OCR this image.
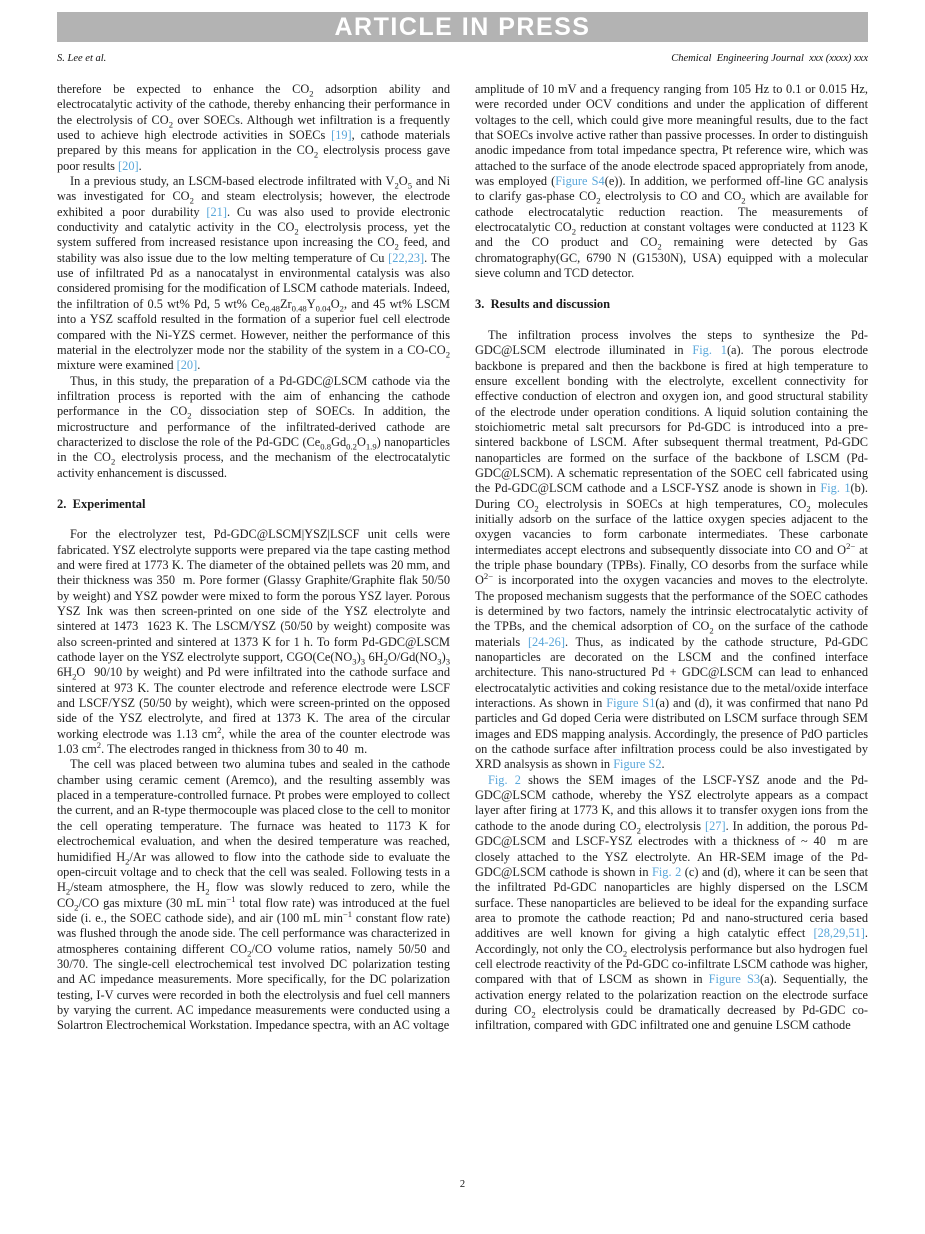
ARTICLE IN PRESS
S. Lee et al.	Chemical Engineering Journal xxx (xxxx) xxx

therefore be expected to enhance the $CO_2$ adsorption ability and electrocatalytic activity of the cathode, thereby enhancing their performance in the electrolysis of $CO_2$ over SOECs. Although wet infiltration is a frequently used to achieve high electrode activities in SOECs [19], cathode materials prepared by this means for application in the $CO_2$ electrolysis process gave poor results [20].

In a previous study, an LSCM-based electrode infiltrated with $V_2O_5$ and Ni was investigated for $CO_2$ and steam electrolysis; however, the electrode exhibited a poor durability [21]. Cu was also used to provide electronic conductivity and catalytic activity in the $CO_2$ electrolysis process, yet the system suffered from increased resistance upon increasing the $CO_2$ feed, and stability was also issue due to the low melting temperature of Cu [22,23]. The use of infiltrated Pd as a nanocatalyst in environmental catalysis was also considered promising for the modification of LSCM cathode materials. Indeed, the infiltration of 0.5 wt% Pd, 5 wt% $Ce_{0.48}Zr_{0.48}Y_{0.04}O_2$, and 45 wt% LSCM into a YSZ scaffold resulted in the formation of a superior fuel cell electrode compared with the Ni-YZS cermet. However, neither the performance of this material in the electrolyzer mode nor the stability of the system in a $CO-CO_2$ mixture were examined [20].

Thus, in this study, the preparation of a Pd-GDC@LSCM cathode via the infiltration process is reported with the aim of enhancing the cathode performance in the $CO_2$ dissociation step of SOECs. In addition, the microstructure and performance of the infiltrated-derived cathode are characterized to disclose the role of the Pd-GDC $(Ce_{0.8}Gd_{0.2}O_{1.9})$ nanoparticles in the $CO_2$ electrolysis process, and the mechanism of the electrocatalytic activity enhancement is discussed.

2. Experimental

For the electrolyzer test, Pd-GDC@LSCM|YSZ|LSCF unit cells were fabricated. YSZ electrolyte supports were prepared via the tape casting method and were fired at 1773 K. The diameter of the obtained pellets was 20 mm, and their thickness was 350  m. Pore former (Glassy Graphite/Graphite flak 50/50 by weight) and YSZ powder were mixed to form the porous YSZ layer. Porous YSZ Ink was then screen-printed on one side of the YSZ electrolyte and sintered at 1473  1623 K. The LSCM/YSZ (50/50 by weight) composite was also screen-printed and sintered at 1373 K for 1 h. To form Pd-GDC@LSCM cathode layer on the YSZ electrolyte support, $CGO(Ce(NO_3)_3$ $6H_2O/Gd(NO_3)_3$ $6H_2O$  90/10 by weight) and Pd were infiltrated into the cathode surface and sintered at 973 K. The counter electrode and reference electrode were LSCF and LSCF/YSZ (50/50 by weight), which were screen-printed on the opposed side of the YSZ electrolyte, and fired at 1373 K. The area of the circular working electrode was 1.13 $cm^2$, while the area of the counter electrode was 1.03 $cm^2$. The electrodes ranged in thickness from 30 to 40  m.

The cell was placed between two alumina tubes and sealed in the cathode chamber using ceramic cement (Aremco), and the resulting assembly was placed in a temperature-controlled furnace. Pt probes were employed to collect the current, and an R-type thermocouple was placed close to the cell to monitor the cell operating temperature. The furnace was heated to 1173 K for electrochemical evaluation, and when the desired temperature was reached, humidified $H_2/Ar$ was allowed to flow into the cathode side to evaluate the open-circuit voltage and to check that the cell was sealed. Following tests in a $H_2$/steam atmosphere, the $H_2$ flow was slowly reduced to zero, while the $CO_2/CO$ gas mixture (30 mL $\min^{-1}$ total flow rate) was introduced at the fuel side (i. e., the SOEC cathode side), and air (100 mL $\min^{-1}$ constant flow rate) was flushed through the anode side. The cell performance was characterized in atmospheres containing different $CO_2/CO$ volume ratios, namely 50/50 and 30/70. The single-cell electrochemical test involved DC polarization testing and AC impedance measurements. More specifically, for the DC polarization testing, I-V curves were recorded in both the electrolysis and fuel cell manners by varying the current. AC impedance measurements were conducted using a Solartron Electrochemical Workstation. Impedance spectra, with an AC voltage

amplitude of 10 mV and a frequency ranging from 105 Hz to 0.1 or 0.015 Hz, were recorded under OCV conditions and under the application of different voltages to the cell, which could give more meaningful results, due to the fact that SOECs involve active rather than passive processes. In order to distinguish anodic impedance from total impedance spectra, Pt reference wire, which was attached to the surface of the anode electrode spaced appropriately from anode, was employed (Figure S4(e)). In addition, we performed off-line GC analysis to clarify gas-phase $CO_2$ electrolysis to CO and $CO_2$ which are available for cathode electrocatalytic reduction reaction. The measurements of electrocatalytic $CO_2$ reduction at constant voltages were conducted at 1123 K and the CO product and $CO_2$ remaining were detected by Gas chromatography(GC, 6790 N (G1530N), USA) equipped with a molecular sieve column and TCD detector.

3. Results and discussion

The infiltration process involves the steps to synthesize the Pd-GDC@LSCM electrode illuminated in Fig. 1(a). The porous electrode backbone is prepared and then the backbone is fired at high temperature to ensure excellent bonding with the electrolyte, excellent connectivity for effective conduction of electron and oxygen ion, and good structural stability of the electrode under operation conditions. A liquid solution containing the stoichiometric metal salt precursors for Pd-GDC is introduced into a pre-sintered backbone of LSCM. After subsequent thermal treatment, Pd-GDC nanoparticles are formed on the surface of the backbone of LSCM (Pd-GDC@LSCM). A schematic representation of the SOEC cell fabricated using the Pd-GDC@LSCM cathode and a LSCF-YSZ anode is shown in Fig. 1(b). During $CO_2$ electrolysis in SOECs at high temperatures, $CO_2$ molecules initially adsorb on the surface of the lattice oxygen species adjacent to the oxygen vacancies to form carbonate intermediates. These carbonate intermediates accept electrons and subsequently dissociate into CO and $O^{2-}$ at the triple phase boundary (TPBs). Finally, CO desorbs from the surface while $O^{2-}$ is incorporated into the oxygen vacancies and moves to the electrolyte. The proposed mechanism suggests that the performance of the SOEC cathodes is determined by two factors, namely the intrinsic electrocatalytic activity of the TPBs, and the chemical adsorption of $CO_2$ on the surface of the cathode materials [24-26]. Thus, as indicated by the cathode structure, Pd-GDC nanoparticles are decorated on the LSCM and the confined interface architecture. This nano-structured Pd + GDC@LSCM can lead to enhanced electrocatalytic activities and coking resistance due to the metal/oxide interface interactions. As shown in Figure S1(a) and (d), it was confirmed that nano Pd particles and Gd doped Ceria were distributed on LSCM surface through SEM images and EDS mapping analysis. Accordingly, the presence of PdO particles on the cathode surface after infiltration process could be also investigated by XRD analsysis as shown in Figure S2.

Fig. 2 shows the SEM images of the LSCF-YSZ anode and the Pd-GDC@LSCM cathode, whereby the YSZ electrolyte appears as a compact layer after firing at 1773 K, and this allows it to transfer oxygen ions from the cathode to the anode during $CO_2$ electrolysis [27]. In addition, the porous Pd-GDC@LSCM and LSCF-YSZ electrodes with a thickness of ~ 40  m are closely attached to the YSZ electrolyte. An HR-SEM image of the Pd-GDC@LSCM cathode is shown in Fig. 2 (c) and (d), where it can be seen that the infiltrated Pd-GDC nanoparticles are highly dispersed on the LSCM surface. These nanoparticles are believed to be ideal for the expanding surface area to promote the cathode reaction; Pd and nano-structured ceria based additives are well known for giving a high catalytic effect [28,29,51]. Accordingly, not only the $CO_2$ electrolysis performance but also hydrogen fuel cell electrode reactivity of the Pd-GDC co-infiltrate LSCM cathode was higher, compared with that of LSCM as shown in Figure S3(a). Sequentially, the activation energy related to the polarization reaction on the electrode surface during $CO_2$ electrolysis could be dramatically decreased by Pd-GDC co-infiltration, compared with GDC infiltrated one and genuine LSCM cathode

2
